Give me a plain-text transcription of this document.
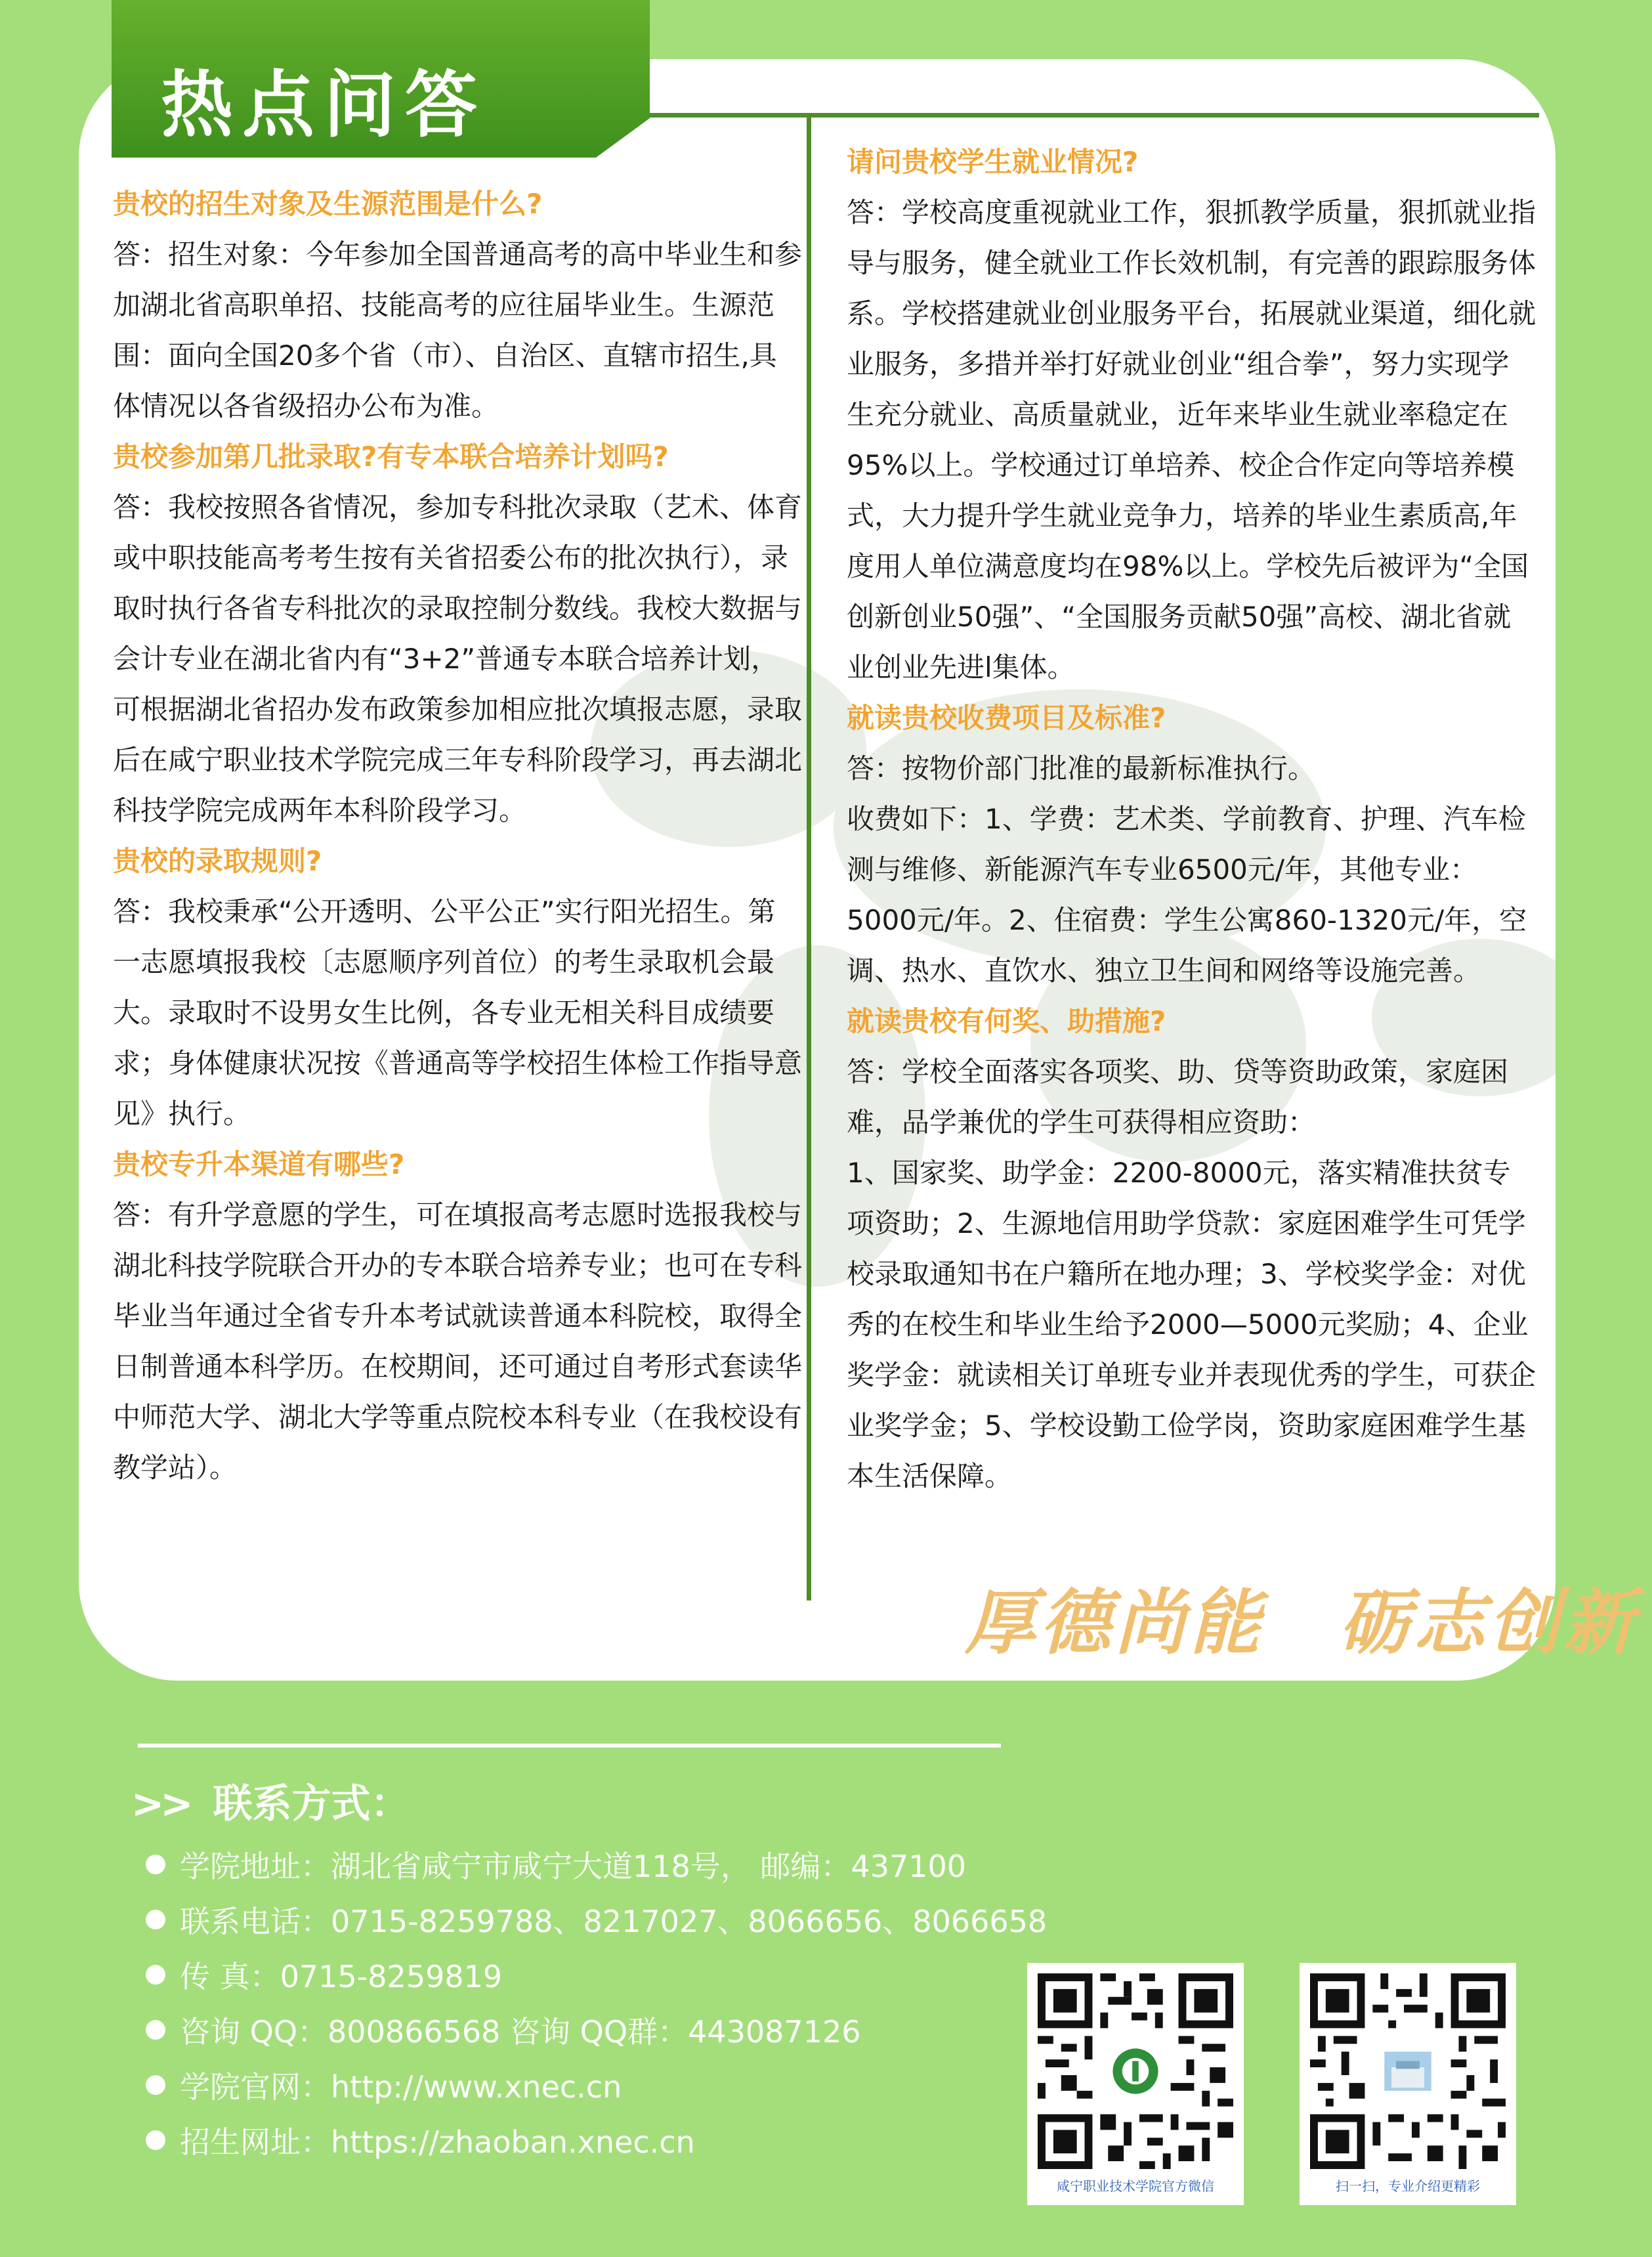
热点问答
贵校的招生对象及生源范围是什么?
答：招生对象：今年参加全国普通高考的高中毕业生和参加湖北省高职单招、技能高考的应往届毕业生。生源范围：面向全国20多个省（市）、自治区、直辖市招生,具体情况以各省级招办公布为准。
贵校参加第几批录取?有专本联合培养计划吗?
答：我校按照各省情况，参加专科批次录取（艺术、体育或中职技能高考考生按有关省招委公布的批次执行），录取时执行各省专科批次的录取控制分数线。我校大数据与会计专业在湖北省内有“3+2”普通专本联合培养计划，可根据湖北省招办发布政策参加相应批次填报志愿，录取后在咸宁职业技术学院完成三年专科阶段学习，再去湖北科技学院完成两年本科阶段学习。
贵校的录取规则?
答：我校秉承“公开透明、公平公正”实行阳光招生。第一志愿填报我校〔志愿顺序列首位）的考生录取机会最大。录取时不设男女生比例，各专业无相关科目成绩要求；身体健康状况按《普通高等学校招生体检工作指导意见》执行。
贵校专升本渠道有哪些?
答：有升学意愿的学生，可在填报高考志愿时选报我校与湖北科技学院联合开办的专本联合培养专业；也可在专科毕业当年通过全省专升本考试就读普通本科院校，取得全日制普通本科学历。在校期间，还可通过自考形式套读华中师范大学、湖北大学等重点院校本科专业（在我校设有教学站）。
请问贵校学生就业情况?
答：学校高度重视就业工作，狠抓教学质量，狠抓就业指导与服务，健全就业工作长效机制，有完善的跟踪服务体系。学校搭建就业创业服务平台，拓展就业渠道，细化就业服务，多措并举打好就业创业“组合拳”，努力实现学生充分就业、高质量就业，近年来毕业生就业率稳定在95%以上。学校通过订单培养、校企合作定向等培养模式，大力提升学生就业竞争力，培养的毕业生素质高,年度用人单位满意度均在98%以上。学校先后被评为“全国创新创业50强”、“全国服务贡献50强”高校、湖北省就业创业先进l集体。
就读贵校收费项目及标准?
答：按物价部门批准的最新标准执行。
收费如下：1、学费：艺术类、学前教育、护理、汽车检测与维修、新能源汽车专业6500元/年，其他专业：5000元/年。2、住宿费：学生公寓860-1320元/年，空调、热水、直饮水、独立卫生间和网络等设施完善。
就读贵校有何奖、助措施?
答：学校全面落实各项奖、助、贷等资助政策，家庭困难，品学兼优的学生可获得相应资助：
1、国家奖、助学金：2200-8000元，落实精准扶贫专项资助；2、生源地信用助学贷款：家庭困难学生可凭学校录取通知书在户籍所在地办理；3、学校奖学金：对优秀的在校生和毕业生给予2000—5000元奖励；4、企业奖学金：就读相关订单班专业并表现优秀的学生，可获企业奖学金；5、学校设勤工俭学岗，资助家庭困难学生基本生活保障。
厚德尚能　砺志创新
>> 联系方式：
学院地址：湖北省咸宁市咸宁大道118号， 邮编：437100
联系电话：0715-8259788、8217027、8066656、8066658
传 真：0715-8259819
咨询 QQ：800866568 咨询 QQ群：443087126
学院官网：http://www.xnec.cn
招生网址：https://zhaoban.xnec.cn
咸宁职业技术学院官方微信	扫一扫，专业介绍更精彩
